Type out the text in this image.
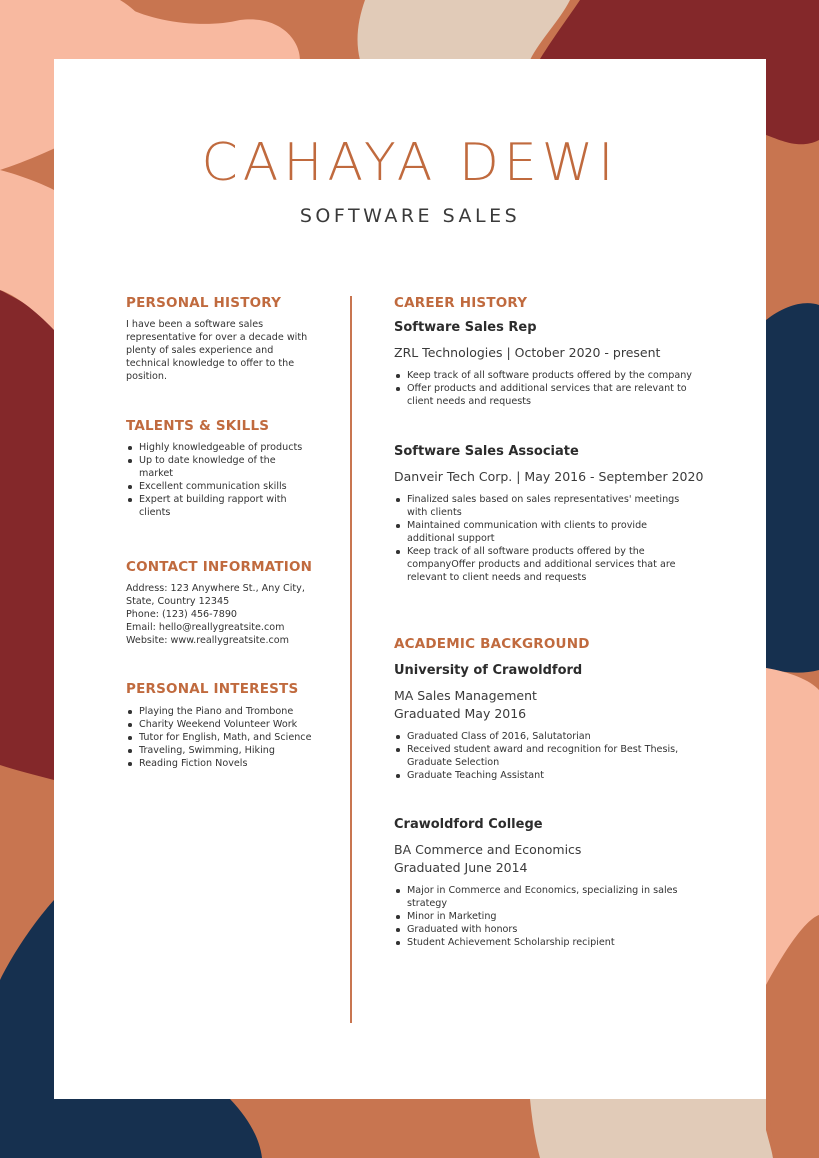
CAHAYA DEWI
SOFTWARE SALES
PERSONAL HISTORY
I have been a software sales
representative for over a decade with
plenty of sales experience and
technical knowledge to offer to the
position.
TALENTS & SKILLS
Highly knowledgeable of products
Up to date knowledge of the
market
Excellent communication skills
Expert at building rapport with
clients
CONTACT INFORMATION
Address: 123 Anywhere St., Any City,
State, Country 12345
Phone: (123) 456-7890
Email: hello@reallygreatsite.com
Website: www.reallygreatsite.com
PERSONAL INTERESTS
Playing the Piano and Trombone
Charity Weekend Volunteer Work
Tutor for English, Math, and Science
Traveling, Swimming, Hiking
Reading Fiction Novels
CAREER HISTORY
Software Sales Rep
ZRL Technologies | October 2020 - present
Keep track of all software products offered by the company
Offer products and additional services that are relevant to
client needs and requests
Software Sales Associate
Danveir Tech Corp. | May 2016 - September 2020
Finalized sales based on sales representatives' meetings
with clients
Maintained communication with clients to provide
additional support
Keep track of all software products offered by the
companyOffer products and additional services that are
relevant to client needs and requests
ACADEMIC BACKGROUND
University of Crawoldford
MA Sales Management
Graduated May 2016
Graduated Class of 2016, Salutatorian
Received student award and recognition for Best Thesis,
Graduate Selection
Graduate Teaching Assistant
Crawoldford College
BA Commerce and Economics
Graduated June 2014
Major in Commerce and Economics, specializing in sales
strategy
Minor in Marketing
Graduated with honors
Student Achievement Scholarship recipient
